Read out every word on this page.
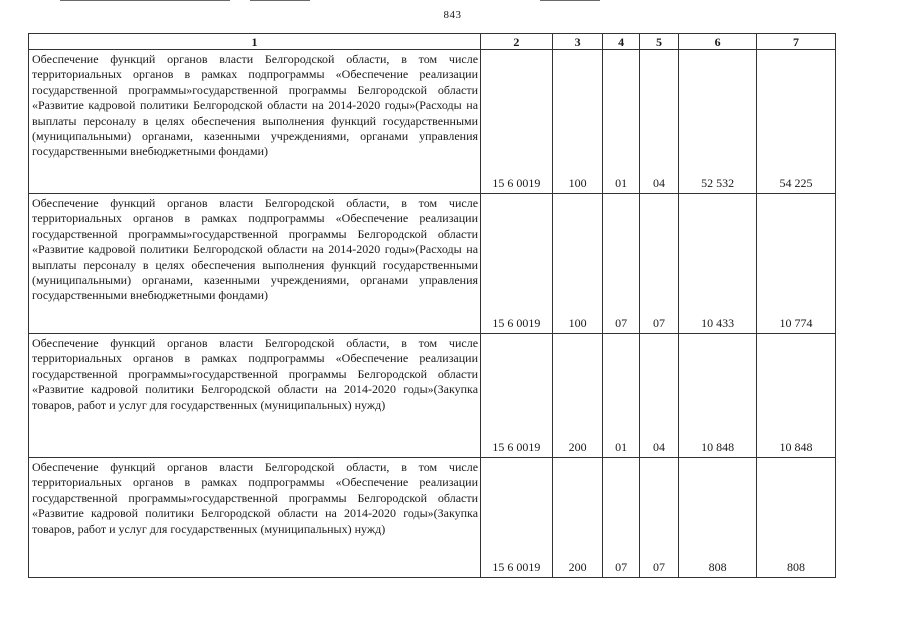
843
1	2	3	4	5	6	7
Обеспечение функций органов власти Белгородской области, в том числе территориальных органов в рамках подпрограммы «Обеспечение реализации государственной программы»государственной программы Белгородской области «Развитие кадровой политики Белгородской области на 2014-2020 годы»(Расходы на выплаты персоналу в целях обеспечения выполнения функций государственными (муниципальными) органами, казенными учреждениями, органами управления государственными внебюджетными фондами)	15 6 0019	100	01	04	52 532	54 225
Обеспечение функций органов власти Белгородской области, в том числе территориальных органов в рамках подпрограммы «Обеспечение реализации государственной программы»государственной программы Белгородской области «Развитие кадровой политики Белгородской области на 2014-2020 годы»(Расходы на выплаты персоналу в целях обеспечения выполнения функций государственными (муниципальными) органами, казенными учреждениями, органами управления государственными внебюджетными фондами)	15 6 0019	100	07	07	10 433	10 774
Обеспечение функций органов власти Белгородской области, в том числе территориальных органов в рамках подпрограммы «Обеспечение реализации государственной программы»государственной программы Белгородской области «Развитие кадровой политики Белгородской области на 2014-2020 годы»(Закупка товаров, работ и услуг для государственных (муниципальных) нужд)	15 6 0019	200	01	04	10 848	10 848
Обеспечение функций органов власти Белгородской области, в том числе территориальных органов в рамках подпрограммы «Обеспечение реализации государственной программы»государственной программы Белгородской области «Развитие кадровой политики Белгородской области на 2014-2020 годы»(Закупка товаров, работ и услуг для государственных (муниципальных) нужд)	15 6 0019	200	07	07	808	808
